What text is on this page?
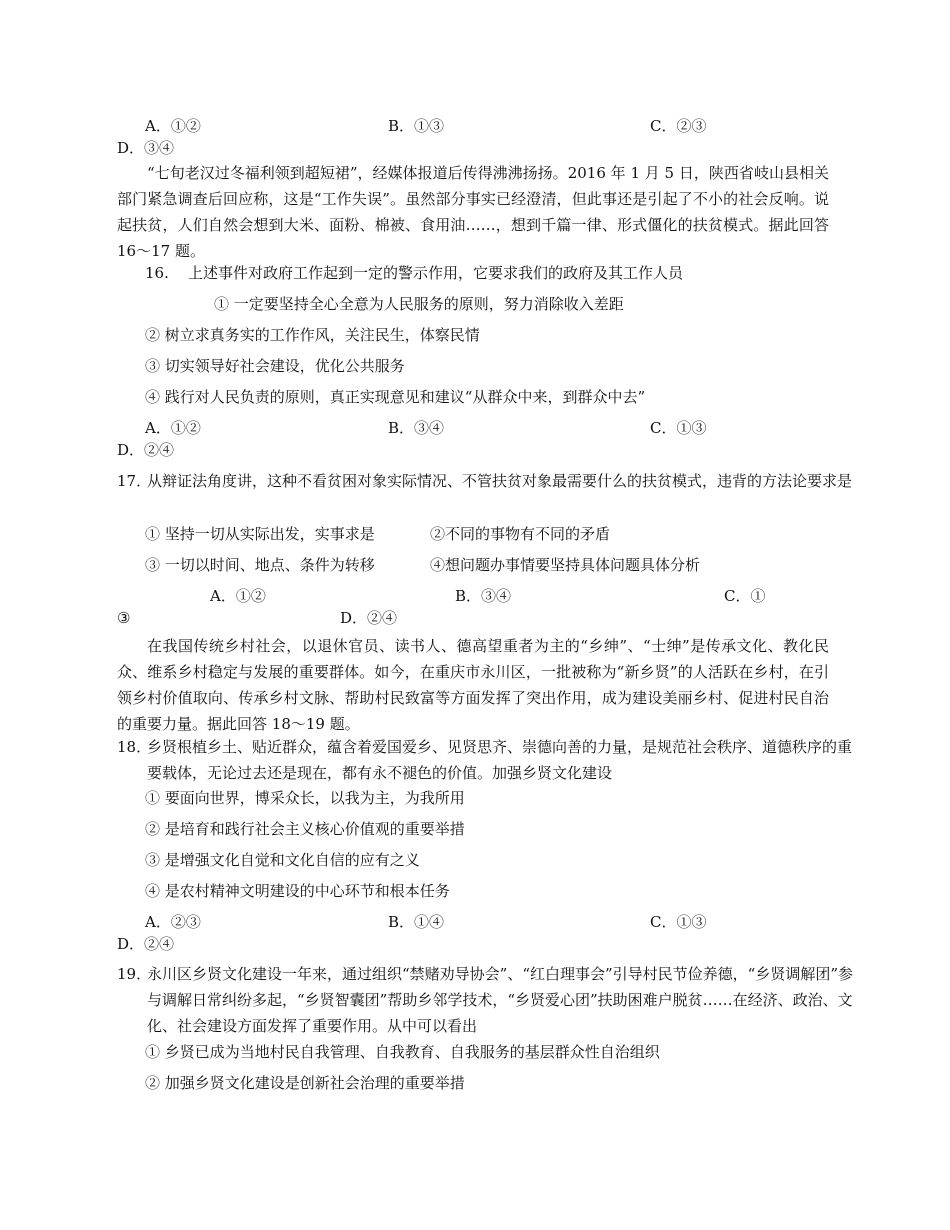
A．①②	B．①③	C．②③
D．③④
“七旬老汉过冬福利领到超短裙”，经媒体报道后传得沸沸扬扬。2016 年 1 月 5 日，陕西省岐山县相关部门紧急调查后回应称，这是“工作失误”。虽然部分事实已经澄清，但此事还是引起了不小的社会反响。说起扶贫，人们自然会想到大米、面粉、棉被、食用油……，想到千篇一律、形式僵化的扶贫模式。据此回答 16～17 题。
16. 上述事件对政府工作起到一定的警示作用，它要求我们的政府及其工作人员
① 一定要坚持全心全意为人民服务的原则，努力消除收入差距
② 树立求真务实的工作作风，关注民生，体察民情
③ 切实领导好社会建设，优化公共服务
④ 践行对人民负责的原则，真正实现意见和建议“从群众中来，到群众中去”
A．①②	B．③④	C．①③
D．②④
17．从辩证法角度讲，这种不看贫困对象实际情况、不管扶贫对象最需要什么的扶贫模式，违背的方法论要求是
① 坚持一切从实际出发，实事求是	②不同的事物有不同的矛盾
③ 一切以时间、地点、条件为转移	④想问题办事情要坚持具体问题具体分析
A．①②	B．③④	C．①
③	D．②④
在我国传统乡村社会，以退休官员、读书人、德高望重者为主的“乡绅”、“士绅”是传承文化、教化民众、维系乡村稳定与发展的重要群体。如今，在重庆市永川区，一批被称为“新乡贤”的人活跃在乡村，在引领乡村价值取向、传承乡村文脉、帮助村民致富等方面发挥了突出作用，成为建设美丽乡村、促进村民自治的重要力量。据此回答 18～19 题。
18．乡贤根植乡土、贴近群众，蕴含着爱国爱乡、见贤思齐、崇德向善的力量，是规范社会秩序、道德秩序的重要载体，无论过去还是现在，都有永不褪色的价值。加强乡贤文化建设
① 要面向世界，博采众长，以我为主，为我所用
② 是培育和践行社会主义核心价值观的重要举措
③ 是增强文化自觉和文化自信的应有之义
④ 是农村精神文明建设的中心环节和根本任务
A．②③	B．①④	C．①③
D．②④
19．永川区乡贤文化建设一年来，通过组织“禁赌劝导协会”、“红白理事会”引导村民节俭养德，“乡贤调解团”参与调解日常纠纷多起，“乡贤智囊团”帮助乡邻学技术，“乡贤爱心团”扶助困难户脱贫……在经济、政治、文化、社会建设方面发挥了重要作用。从中可以看出
① 乡贤已成为当地村民自我管理、自我教育、自我服务的基层群众性自治组织
② 加强乡贤文化建设是创新社会治理的重要举措
